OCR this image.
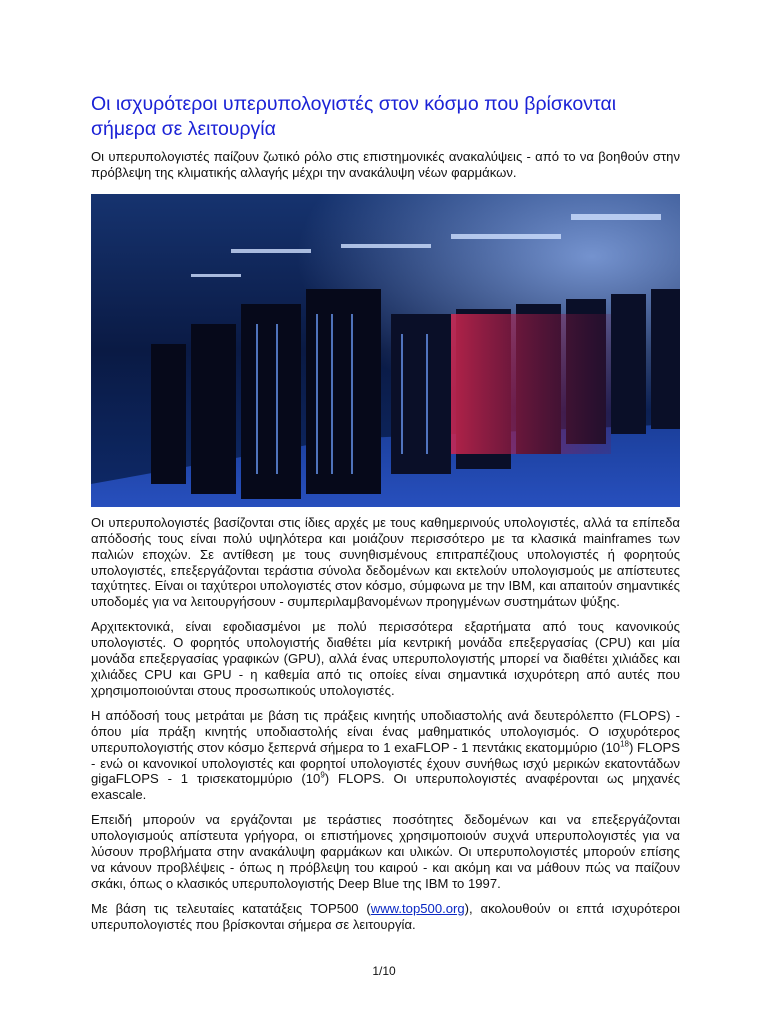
Οι ισχυρότεροι υπερυπολογιστές στον κόσμο που βρίσκονται σήμερα σε λειτουργία

Οι υπερυπολογιστές παίζουν ζωτικό ρόλο στις επιστημονικές ανακαλύψεις - από το να βοηθούν στην πρόβλεψη της κλιματικής αλλαγής μέχρι την ανακάλυψη νέων φαρμάκων.

Οι υπερυπολογιστές βασίζονται στις ίδιες αρχές με τους καθημερινούς υπολογιστές, αλλά τα επίπεδα απόδοσής τους είναι πολύ υψηλότερα και μοιάζουν περισσότερο με τα κλασικά mainframes των παλιών εποχών. Σε αντίθεση με τους συνηθισμένους επιτραπέζιους υπολογιστές ή φορητούς υπολογιστές, επεξεργάζονται τεράστια σύνολα δεδομένων και εκτελούν υπολογισμούς με απίστευτες ταχύτητες. Είναι οι ταχύτεροι υπολογιστές στον κόσμο, σύμφωνα με την IBM, και απαιτούν σημαντικές υποδομές για να λειτουργήσουν - συμπεριλαμβανομένων προηγμένων συστημάτων ψύξης.

Αρχιτεκτονικά, είναι εφοδιασμένοι με πολύ περισσότερα εξαρτήματα από τους κανονικούς υπολογιστές. Ο φορητός υπολογιστής διαθέτει μία κεντρική μονάδα επεξεργασίας (CPU) και μία μονάδα επεξεργασίας γραφικών (GPU), αλλά ένας υπερυπολογιστής μπορεί να διαθέτει χιλιάδες και χιλιάδες CPU και GPU - η καθεμία από τις οποίες είναι σημαντικά ισχυρότερη από αυτές που χρησιμοποιούνται στους προσωπικούς υπολογιστές.

Η απόδοσή τους μετράται με βάση τις πράξεις κινητής υποδιαστολής ανά δευτερόλεπτο (FLOPS) - όπου μία πράξη κινητής υποδιαστολής είναι ένας μαθηματικός υπολογισμός. Ο ισχυρότερος υπερυπολογιστής στον κόσμο ξεπερνά σήμερα το 1 exaFLOP - 1 πεντάκις εκατομμύριο $(10^{18})$ FLOPS - ενώ οι κανονικοί υπολογιστές και φορητοί υπολογιστές έχουν συνήθως ισχύ μερικών εκατοντάδων gigaFLOPS - 1 τρισεκατομμύριο $(10^9)$ FLOPS. Οι υπερυπολογιστές αναφέρονται ως μηχανές exascale.

Επειδή μπορούν να εργάζονται με τεράστιες ποσότητες δεδομένων και να επεξεργάζονται υπολογισμούς απίστευτα γρήγορα, οι επιστήμονες χρησιμοποιούν συχνά υπερυπολογιστές για να λύσουν προβλήματα στην ανακάλυψη φαρμάκων και υλικών. Οι υπερυπολογιστές μπορούν επίσης να κάνουν προβλέψεις - όπως η πρόβλεψη του καιρού - και ακόμη και να μάθουν πώς να παίζουν σκάκι, όπως ο κλασικός υπερυπολογιστής Deep Blue της IBM το 1997.

Με βάση τις τελευταίες κατατάξεις TOP500 (www.top500.org), ακολουθούν οι επτά ισχυρότεροι υπερυπολογιστές που βρίσκονται σήμερα σε λειτουργία.

1/10
